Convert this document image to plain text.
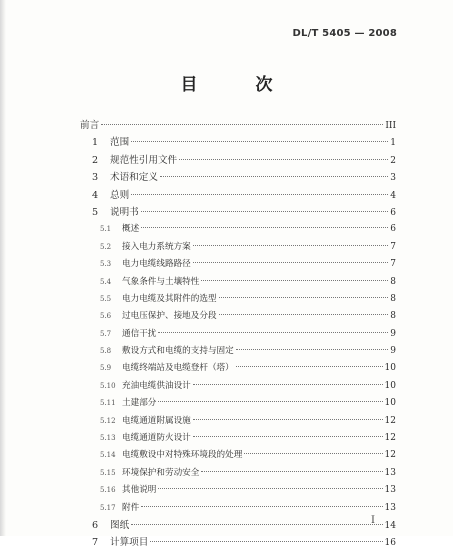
DL/T 5405 — 2008
目 次
前言	III
1	范围	1
2	规范性引用文件	2
3	术语和定义	3
4	总则	4
5	说明书	6
5.1	概述	6
5.2	接入电力系统方案	7
5.3	电力电缆线路路径	7
5.4	气象条件与土壤特性	8
5.5	电力电缆及其附件的选型	8
5.6	过电压保护、接地及分段	8
5.7	通信干扰	9
5.8	敷设方式和电缆的支持与固定	9
5.9	电缆终端站及电缆登杆（塔）	10
5.10 充油电缆供油设计	10
5.11 土建部分	10
5.12 电缆通道附属设施	12
5.13 电缆通道防火设计	12
5.14 电缆敷设中对特殊环境段的处理	12
5.15 环境保护和劳动安全	13
5.16 其他说明	13
5.17 附件	13
6	图纸	14
7	计算项目	16
I
